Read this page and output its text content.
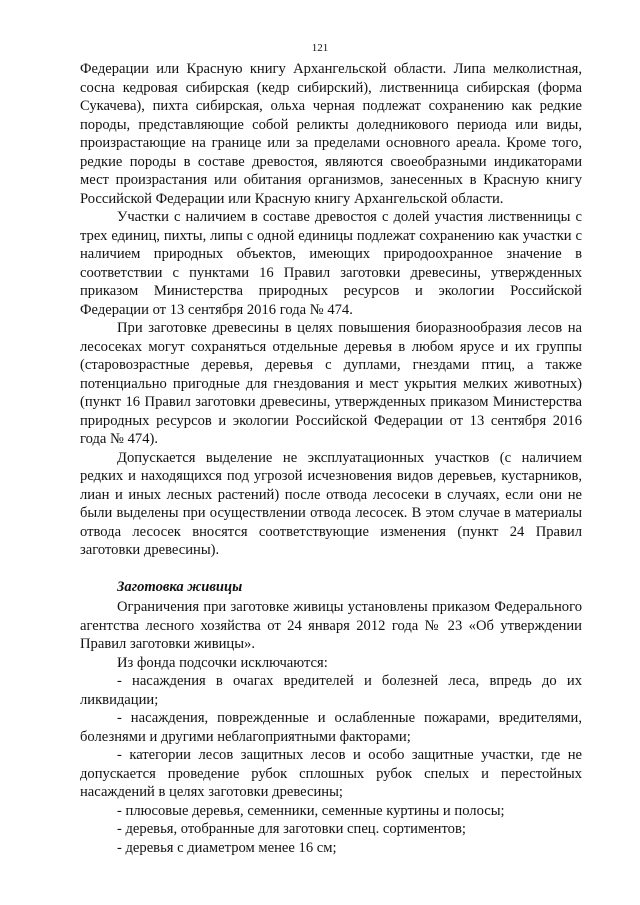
121

Федерации или Красную книгу Архангельской области. Липа мелколистная, сосна кедровая сибирская (кедр сибирский), лиственница сибирская (форма Сукачева), пихта сибирская, ольха черная подлежат сохранению как редкие породы, представляющие собой реликты доледникового периода или виды, произрастающие на границе или за пределами основного ареала. Кроме того, редкие породы в составе древостоя, являются своеобразными индикаторами мест произрастания или обитания организмов, занесенных в Красную книгу Российской Федерации или Красную книгу Архангельской области.

Участки с наличием в составе древостоя с долей участия лиственницы с трех единиц, пихты, липы с одной единицы подлежат сохранению как участки с наличием природных объектов, имеющих природоохранное значение в соответствии с пунктами 16 Правил заготовки древесины, утвержденных приказом Министерства природных ресурсов и экологии Российской Федерации от 13 сентября 2016 года № 474.

При заготовке древесины в целях повышения биоразнообразия лесов на лесосеках могут сохраняться отдельные деревья в любом ярусе и их группы (старовозрастные деревья, деревья с дуплами, гнездами птиц, а также потенциально пригодные для гнездования и мест укрытия мелких животных) (пункт 16 Правил заготовки древесины, утвержденных приказом Министерства природных ресурсов и экологии Российской Федерации от 13 сентября 2016 года № 474).

Допускается выделение не эксплуатационных участков (с наличием редких и находящихся под угрозой исчезновения видов деревьев, кустарников, лиан и иных лесных растений) после отвода лесосеки в случаях, если они не были выделены при осуществлении отвода лесосек. В этом случае в материалы отвода лесосек вносятся соответствующие изменения (пункт 24 Правил заготовки древесины).

Заготовка живицы

Ограничения при заготовке живицы установлены приказом Федерального агентства лесного хозяйства от 24 января 2012 года № 23 «Об утверждении Правил заготовки живицы».

Из фонда подсочки исключаются:

- насаждения в очагах вредителей и болезней леса, впредь до их ликвидации;

- насаждения, поврежденные и ослабленные пожарами, вредителями, болезнями и другими неблагоприятными факторами;

- категории лесов защитных лесов и особо защитные участки, где не допускается проведение рубок сплошных рубок спелых и перестойных насаждений в целях заготовки древесины;

- плюсовые деревья, семенники, семенные куртины и полосы;

- деревья, отобранные для заготовки спец. сортиментов;

- деревья с диаметром менее 16 см;
